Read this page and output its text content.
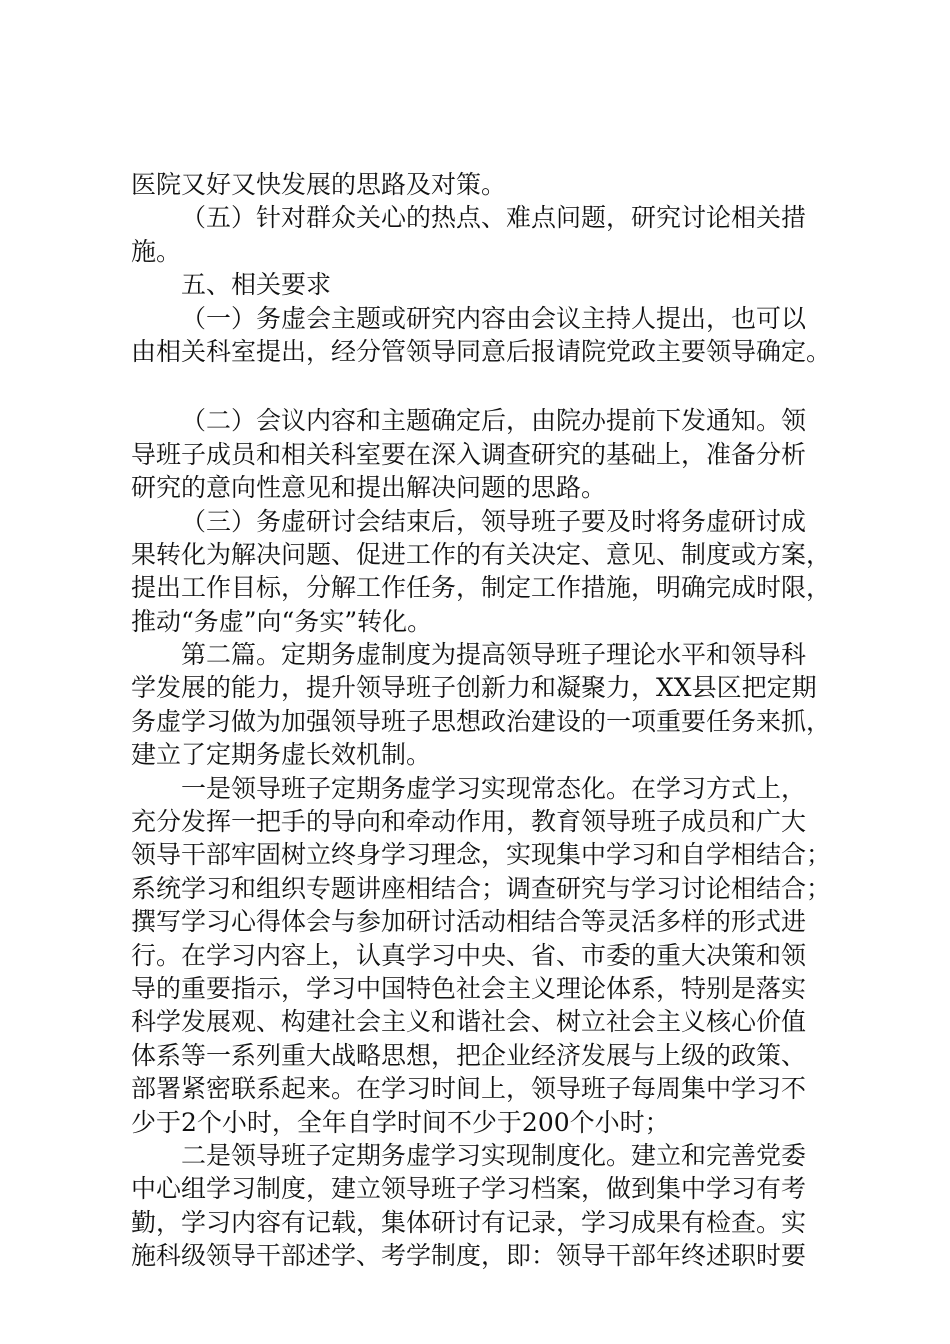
医院又好又快发展的思路及对策。
（五）针对群众关心的热点、难点问题，研究讨论相关措
施。
五、相关要求
（一）务虚会主题或研究内容由会议主持人提出，也可以
由相关科室提出，经分管领导同意后报请院党政主要领导确定。
（二）会议内容和主题确定后，由院办提前下发通知。领
导班子成员和相关科室要在深入调查研究的基础上，准备分析
研究的意向性意见和提出解决问题的思路。
（三）务虚研讨会结束后，领导班子要及时将务虚研讨成
果转化为解决问题、促进工作的有关决定、意见、制度或方案，
提出工作目标，分解工作任务，制定工作措施，明确完成时限，
推动“务虚”向“务实”转化。
第二篇。定期务虚制度为提高领导班子理论水平和领导科
学发展的能力，提升领导班子创新力和凝聚力，XX县区把定期
务虚学习做为加强领导班子思想政治建设的一项重要任务来抓，
建立了定期务虚长效机制。
一是领导班子定期务虚学习实现常态化。在学习方式上，
充分发挥一把手的导向和牵动作用，教育领导班子成员和广大
领导干部牢固树立终身学习理念，实现集中学习和自学相结合；
系统学习和组织专题讲座相结合；调查研究与学习讨论相结合；
撰写学习心得体会与参加研讨活动相结合等灵活多样的形式进
行。在学习内容上，认真学习中央、省、市委的重大决策和领
导的重要指示，学习中国特色社会主义理论体系，特别是落实
科学发展观、构建社会主义和谐社会、树立社会主义核心价值
体系等一系列重大战略思想，把企业经济发展与上级的政策、
部署紧密联系起来。在学习时间上，领导班子每周集中学习不
少于2个小时，全年自学时间不少于200个小时；
二是领导班子定期务虚学习实现制度化。建立和完善党委
中心组学习制度，建立领导班子学习档案，做到集中学习有考
勤，学习内容有记载，集体研讨有记录，学习成果有检查。实
施科级领导干部述学、考学制度，即：领导干部年终述职时要
